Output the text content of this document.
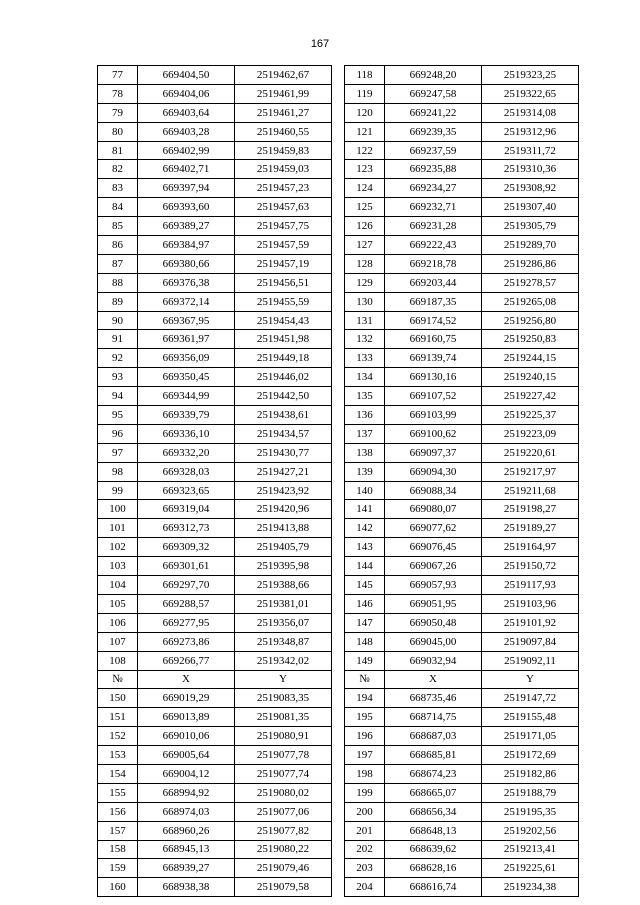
167
77	669404,50	2519462,67		118	669248,20	2519323,25
78	669404,06	2519461,99		119	669247,58	2519322,65
79	669403,64	2519461,27		120	669241,22	2519314,08
80	669403,28	2519460,55		121	669239,35	2519312,96
81	669402,99	2519459,83		122	669237,59	2519311,72
82	669402,71	2519459,03		123	669235,88	2519310,36
83	669397,94	2519457,23		124	669234,27	2519308,92
84	669393,60	2519457,63		125	669232,71	2519307,40
85	669389,27	2519457,75		126	669231,28	2519305,79
86	669384,97	2519457,59		127	669222,43	2519289,70
87	669380,66	2519457,19		128	669218,78	2519286,86
88	669376,38	2519456,51		129	669203,44	2519278,57
89	669372,14	2519455,59		130	669187,35	2519265,08
90	669367,95	2519454,43		131	669174,52	2519256,80
91	669361,97	2519451,98		132	669160,75	2519250,83
92	669356,09	2519449,18		133	669139,74	2519244,15
93	669350,45	2519446,02		134	669130,16	2519240,15
94	669344,99	2519442,50		135	669107,52	2519227,42
95	669339,79	2519438,61		136	669103,99	2519225,37
96	669336,10	2519434,57		137	669100,62	2519223,09
97	669332,20	2519430,77		138	669097,37	2519220,61
98	669328,03	2519427,21		139	669094,30	2519217,97
99	669323,65	2519423,92		140	669088,34	2519211,68
100	669319,04	2519420,96		141	669080,07	2519198,27
101	669312,73	2519413,88		142	669077,62	2519189,27
102	669309,32	2519405,79		143	669076,45	2519164,97
103	669301,61	2519395,98		144	669067,26	2519150,72
104	669297,70	2519388,66		145	669057,93	2519117,93
105	669288,57	2519381,01		146	669051,95	2519103,96
106	669277,95	2519356,07		147	669050,48	2519101,92
107	669273,86	2519348,87		148	669045,00	2519097,84
108	669266,77	2519342,02		149	669032,94	2519092,11
№	X	Y		№	X	Y
150	669019,29	2519083,35		194	668735,46	2519147,72
151	669013,89	2519081,35		195	668714,75	2519155,48
152	669010,06	2519080,91		196	668687,03	2519171,05
153	669005,64	2519077,78		197	668685,81	2519172,69
154	669004,12	2519077,74		198	668674,23	2519182,86
155	668994,92	2519080,02		199	668665,07	2519188,79
156	668974,03	2519077,06		200	668656,34	2519195,35
157	668960,26	2519077,82		201	668648,13	2519202,56
158	668945,13	2519080,22		202	668639,62	2519213,41
159	668939,27	2519079,46		203	668628,16	2519225,61
160	668938,38	2519079,58		204	668616,74	2519234,38
